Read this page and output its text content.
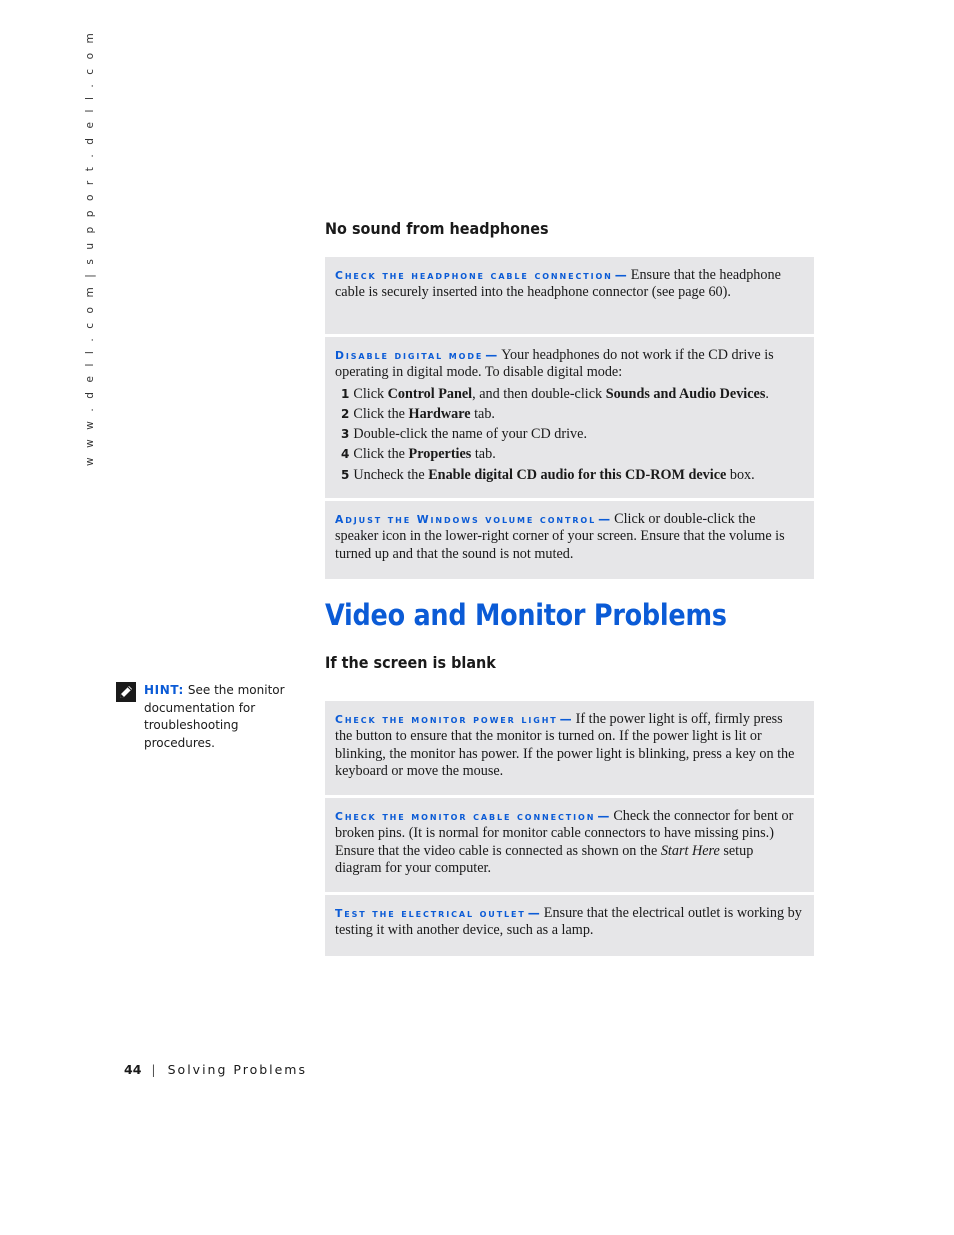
w w w . d e l l . c o m | s u p p o r t . d e l l . c o m	No sound from headphones
Check the headphone cable connection — Ensure that the headphone cable is securely inserted into the headphone connector (see page 60).
Disable digital mode — Your headphones do not work if the CD drive is operating in digital mode. To disable digital mode:
1 Click Control Panel, and then double-click Sounds and Audio Devices.
2 Click the Hardware tab.
3 Double-click the name of your CD drive.
4 Click the Properties tab.
5 Uncheck the Enable digital CD audio for this CD-ROM device box.
Adjust the Windows volume control — Click or double-click the speaker icon in the lower-right corner of your screen. Ensure that the volume is turned up and that the sound is not muted.
Video and Monitor Problems
If the screen is blank
HINT: See the monitor documentation for troubleshooting procedures.
Check the monitor power light — If the power light is off, firmly press the button to ensure that the monitor is turned on. If the power light is lit or blinking, the monitor has power. If the power light is blinking, press a key on the keyboard or move the mouse.
Check the monitor cable connection — Check the connector for bent or broken pins. (It is normal for monitor cable connectors to have missing pins.) Ensure that the video cable is connected as shown on the Start Here setup diagram for your computer.
Test the electrical outlet — Ensure that the electrical outlet is working by testing it with another device, such as a lamp.
44 | Solving Problems
